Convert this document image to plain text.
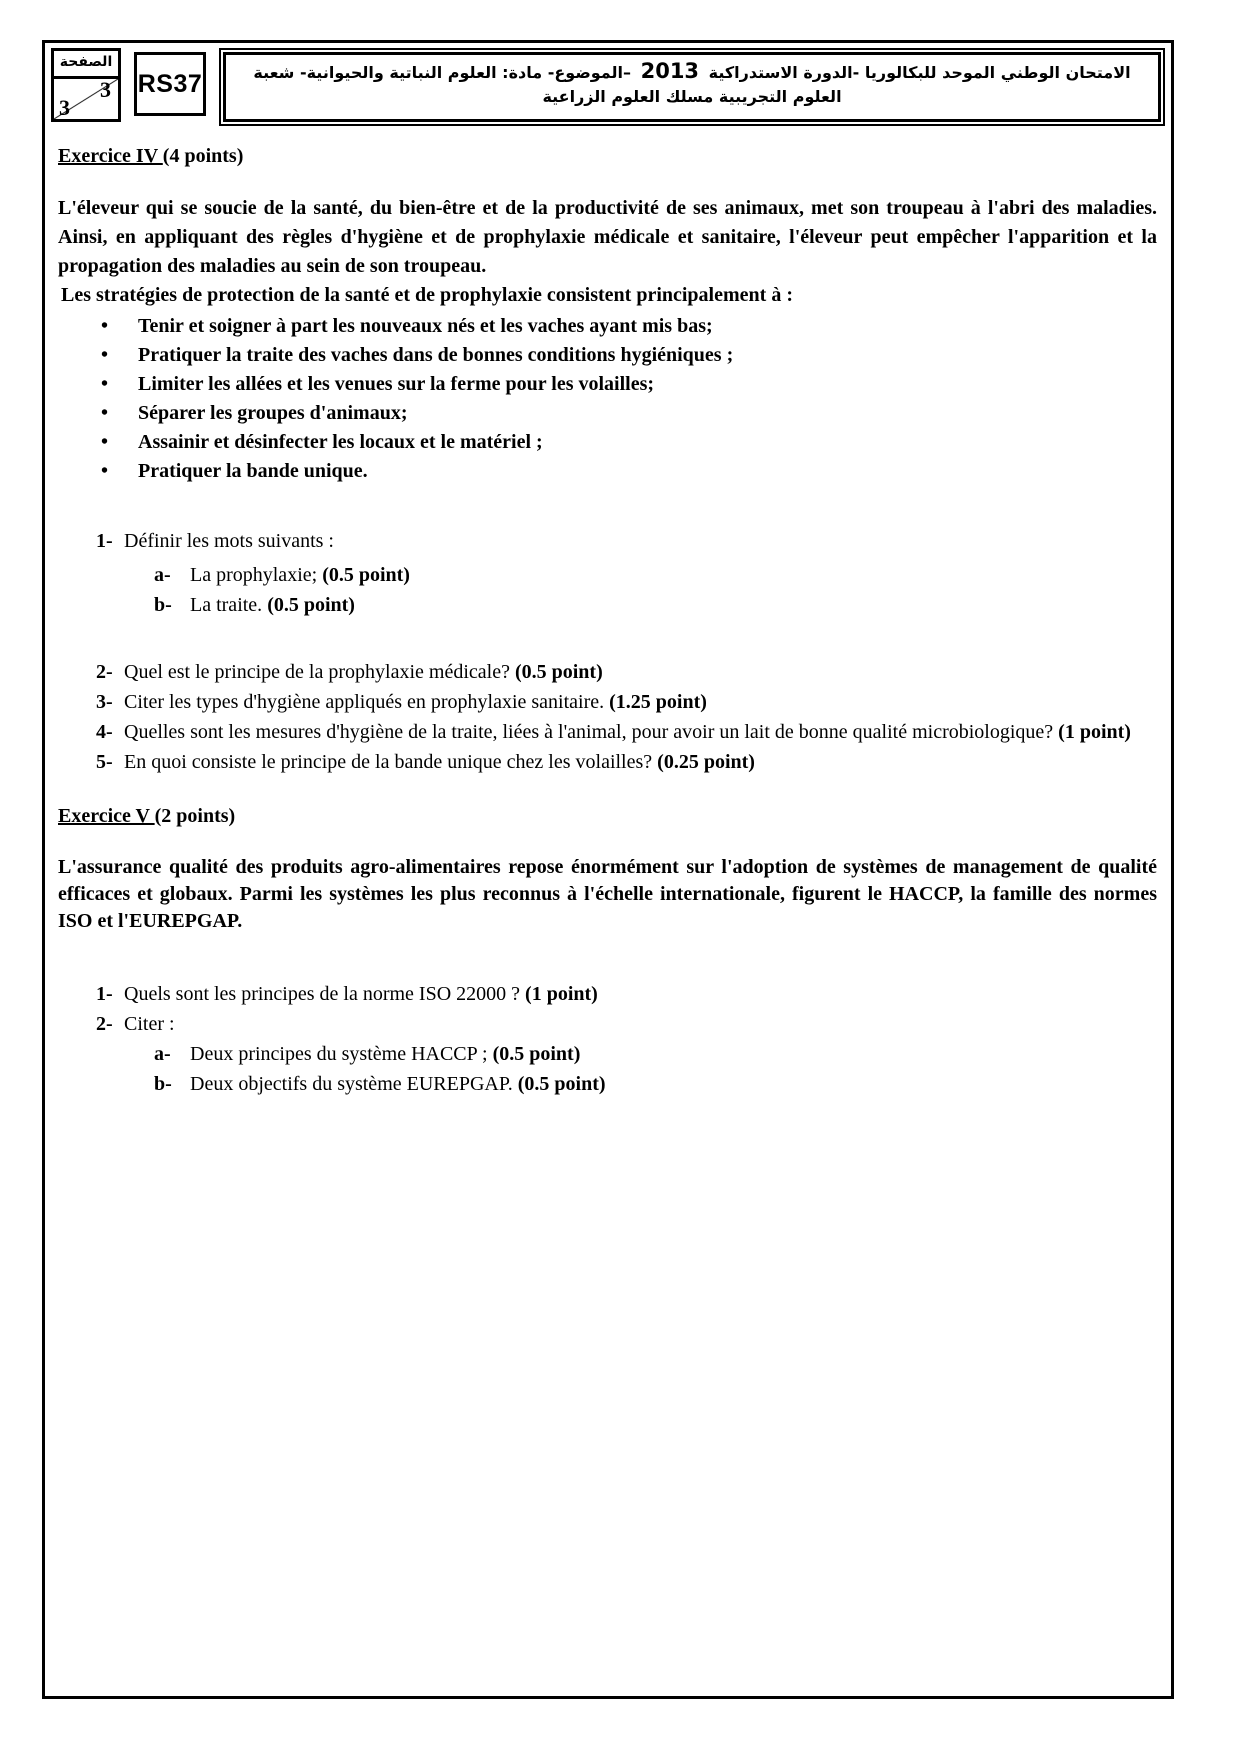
الصفحة
3
3
RS37	الامتحان الوطني الموحد للبكالوريا -الدورة الاستدراكية 2013 –الموضوع- مادة: العلوم النباتية والحيوانية- شعبة
العلوم التجريبية مسلك العلوم الزراعية
Exercice IV (4 points)

L'éleveur qui se soucie de la santé, du bien-être et de la productivité de ses animaux, met son troupeau à l'abri des maladies. Ainsi, en appliquant des règles d'hygiène et de prophylaxie médicale et sanitaire, l'éleveur peut empêcher l'apparition et la propagation des maladies au sein de son troupeau.

Les stratégies de protection de la santé et de prophylaxie consistent principalement à :

• Tenir et soigner à part les nouveaux nés et les vaches ayant mis bas;
• Pratiquer la traite des vaches dans de bonnes conditions hygiéniques ;
• Limiter les allées et les venues sur la ferme pour les volailles;
• Séparer les groupes d'animaux;
• Assainir et désinfecter les locaux et le matériel ;
• Pratiquer la bande unique.
1- Définir les mots suivants :
a- La prophylaxie; (0.5 point)
b- La traite. (0.5 point)
2- Quel est le principe de la prophylaxie médicale? (0.5 point)
3- Citer les types d'hygiène appliqués en prophylaxie sanitaire. (1.25 point)
4- Quelles sont les mesures d'hygiène de la traite, liées à l'animal, pour avoir un lait de bonne qualité microbiologique? (1 point)
5- En quoi consiste le principe de la bande unique chez les volailles? (0.25 point)
Exercice V (2 points)

L'assurance qualité des produits agro-alimentaires repose énormément sur l'adoption de systèmes de management de qualité efficaces et globaux. Parmi les systèmes les plus reconnus à l'échelle internationale, figurent le HACCP, la famille des normes ISO et l'EUREPGAP.

1- Quels sont les principes de la norme ISO 22000 ? (1 point)
2- Citer :
a- Deux principes du système HACCP ; (0.5 point)
b- Deux objectifs du système EUREPGAP. (0.5 point)
